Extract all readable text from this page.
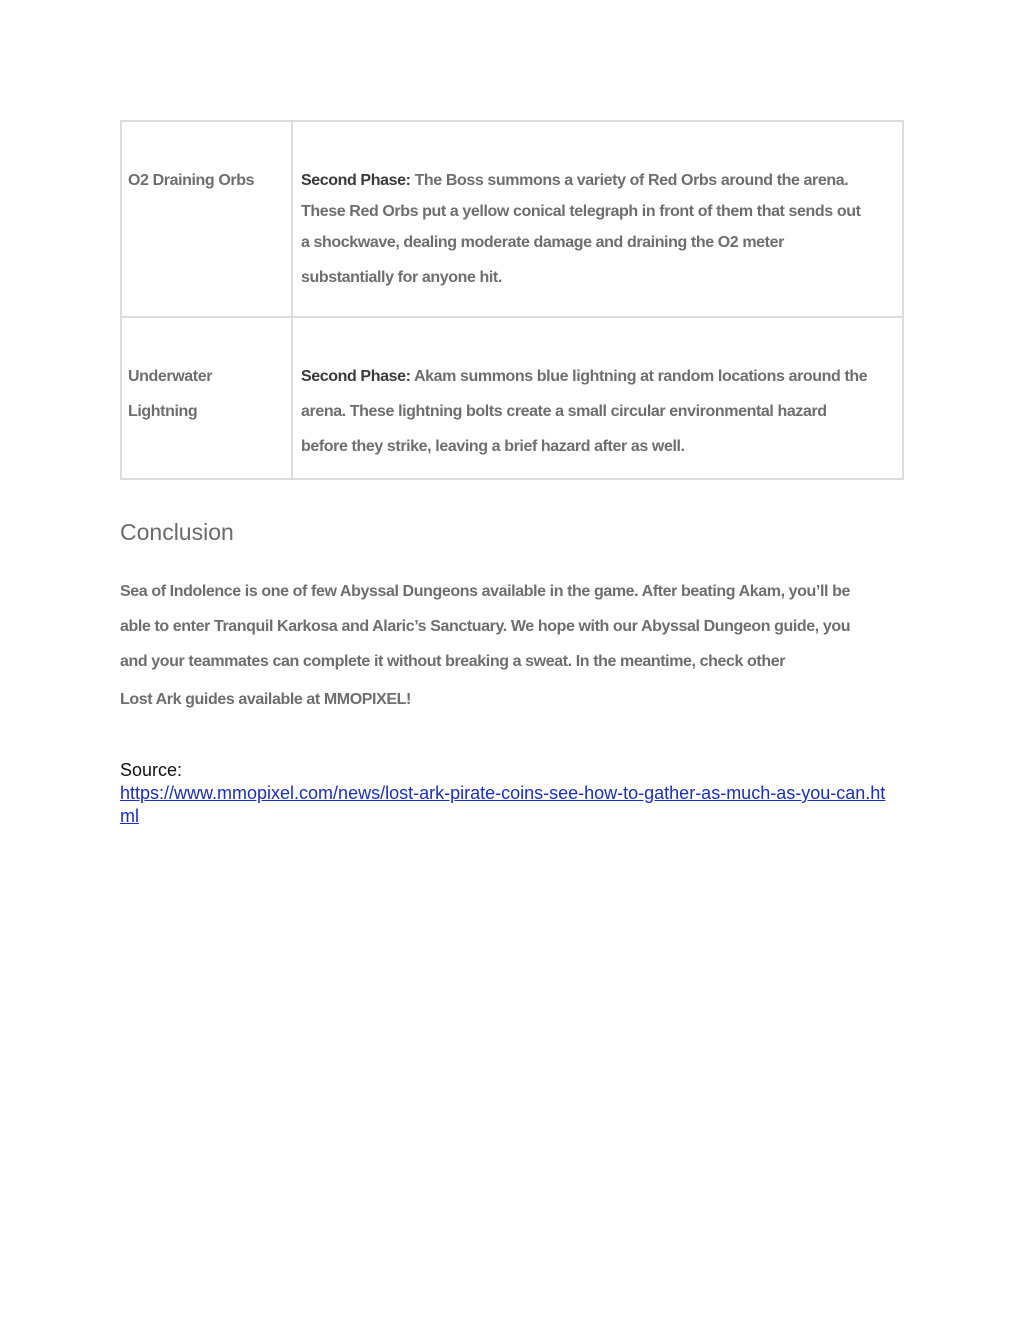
O2 Draining Orbs	Second Phase: The Boss summons a variety of Red Orbs around the arena.
These Red Orbs put a yellow conical telegraph in front of them that sends out
a shockwave, dealing moderate damage and draining the O2 meter
substantially for anyone hit.

Underwater
Lightning	Second Phase: Akam summons blue lightning at random locations around the
arena. These lightning bolts create a small circular environmental hazard
before they strike, leaving a brief hazard after as well.
Conclusion

Sea of Indolence is one of few Abyssal Dungeons available in the game. After beating Akam, you’ll be
able to enter Tranquil Karkosa and Alaric’s Sanctuary. We hope with our Abyssal Dungeon guide, you
and your teammates can complete it without breaking a sweat. In the meantime, check other
Lost Ark guides available at MMOPIXEL!

Source:
https://www.mmopixel.com/news/lost-ark-pirate-coins-see-how-to-gather-as-much-as-you-can.html
